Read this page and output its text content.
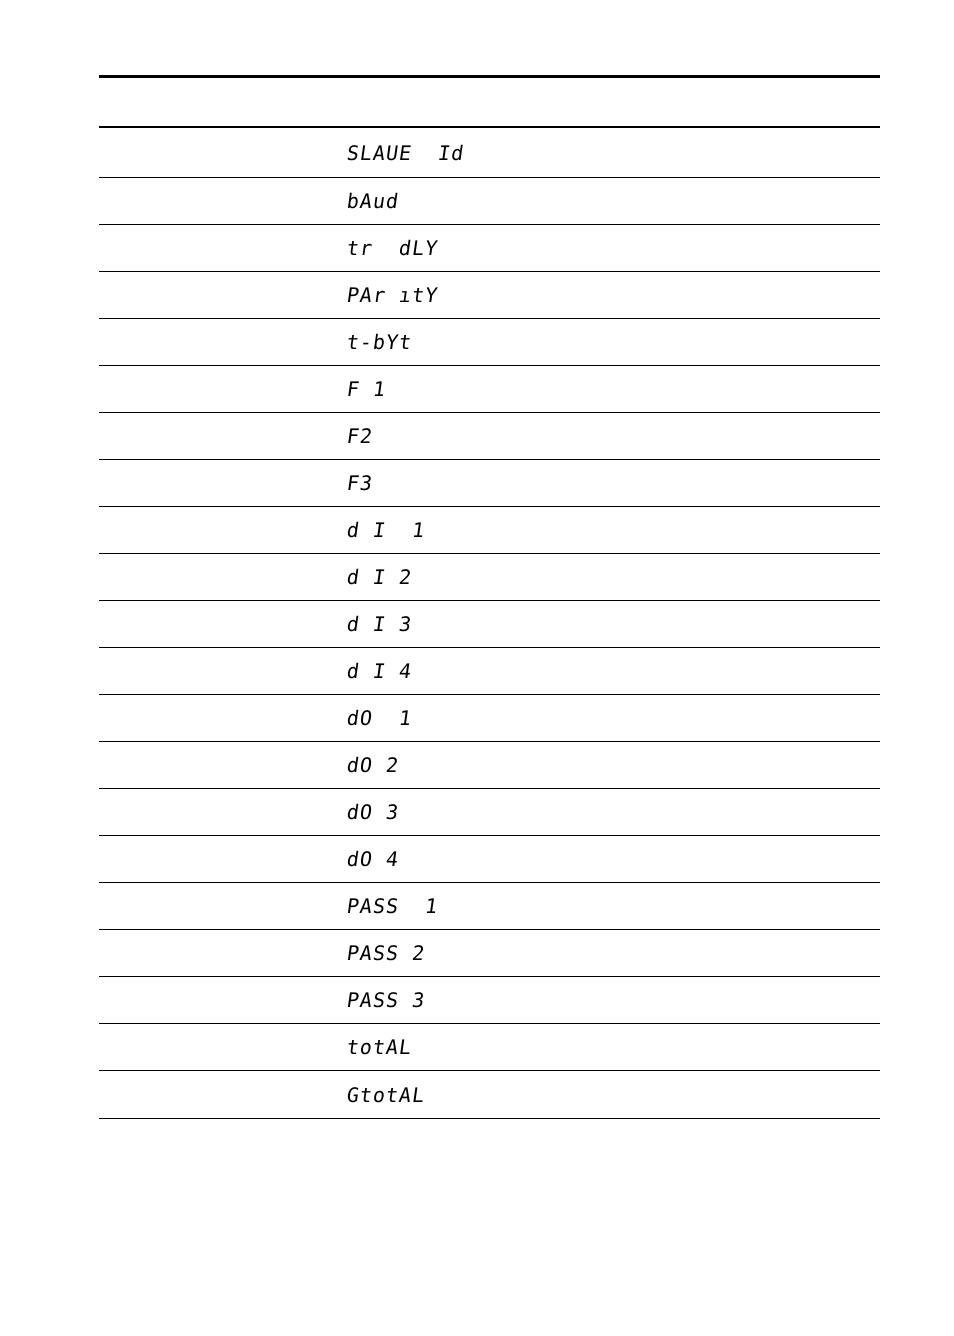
SLAUE  Id
bAud
tr  dLY
PAr ıtY
t-bYt
F 1
F2
F3
d I  1
d I 2
d I 3
d I 4
dO  1
dO 2
dO 3
dO 4
PASS  1
PASS 2
PASS 3
totAL
GtotAL
